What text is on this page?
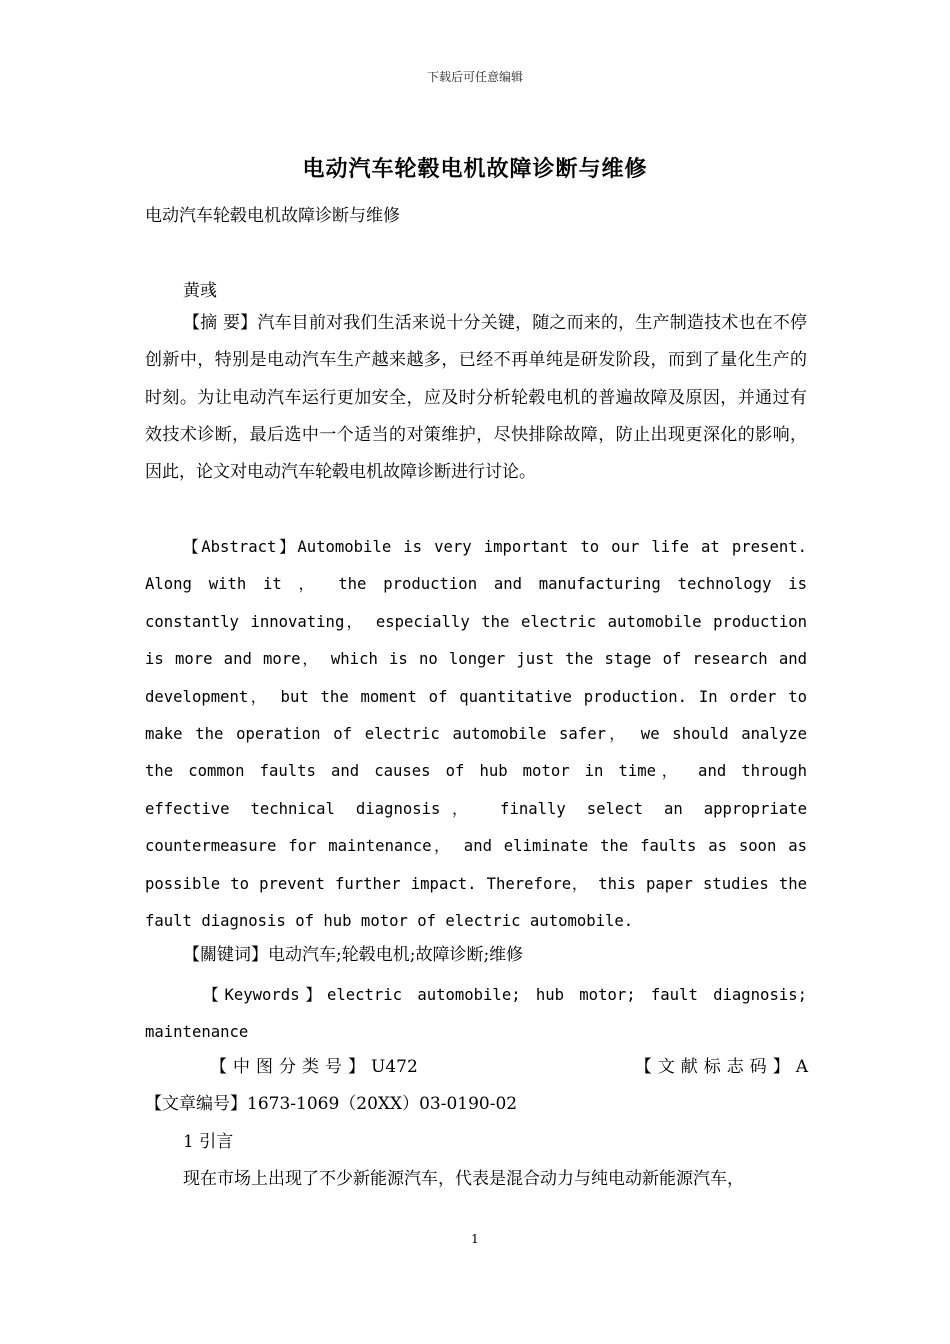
下载后可任意编辑
电动汽车轮毂电机故障诊断与维修
电动汽车轮毂电机故障诊断与维修
黄彧

【摘 要】汽车目前对我们生活来说十分关键，随之而来的，生产制造技术也在不停创新中，特别是电动汽车生产越来越多，已经不再单纯是研发阶段，而到了量化生产的时刻。为让电动汽车运行更加安全，应及时分析轮毂电机的普遍故障及原因，并通过有效技术诊断，最后选中一个适当的对策维护，尽快排除故障，防止出现更深化的影响，因此，论文对电动汽车轮毂电机故障诊断进行讨论。

【Abstract】Automobile is very important to our life at present. Along with it ， the production and manufacturing technology is constantly innovating， especially the electric automobile production is more and more， which is no longer just the stage of research and development， but the moment of quantitative production. In order to make the operation of electric automobile safer， we should analyze the common faults and causes of hub motor in time， and through effective technical diagnosis， finally select an appropriate countermeasure for maintenance， and eliminate the faults as soon as possible to prevent further impact. Therefore， this paper studies the fault diagnosis of hub motor of electric automobile.

【關键词】电动汽车;轮毂电机;故障诊断;维修

【Keywords】electric automobile; hub motor; fault diagnosis; maintenance

【中图分类号】U472	【文献标志码】A
【文章编号】1673-1069（20XX）03-0190-02
1 引言
现在市场上出现了不少新能源汽车，代表是混合动力与纯电动新能源汽车，
1
